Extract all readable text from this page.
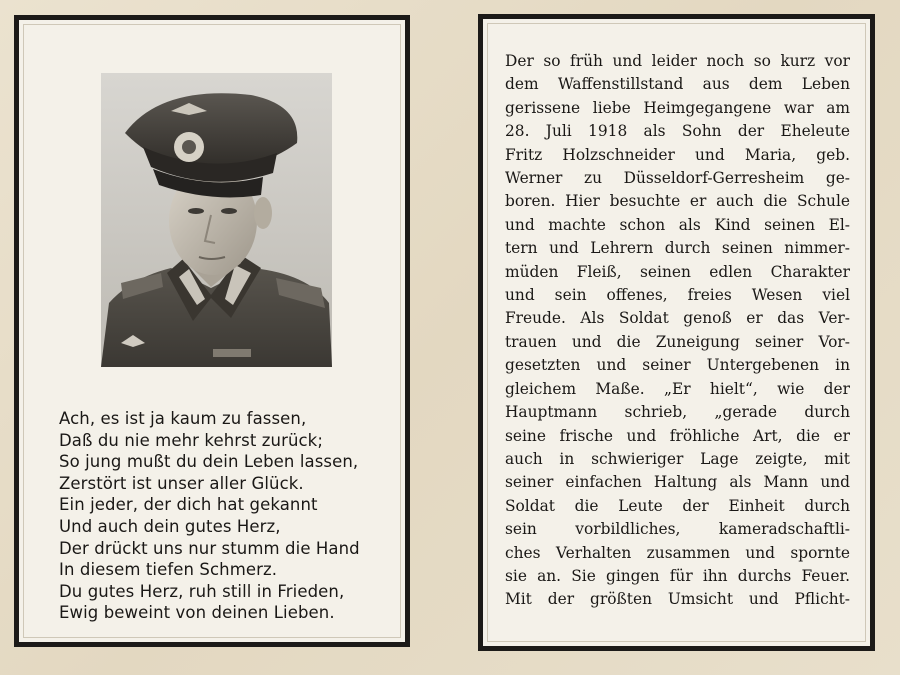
Ach, es ist ja kaum zu fassen,
Daß du nie mehr kehrst zurück;
So jung mußt du dein Leben lassen,
Zerstört ist unser aller Glück.
Ein jeder, der dich hat gekannt
Und auch dein gutes Herz,
Der drückt uns nur stumm die Hand
In diesem tiefen Schmerz.
Du gutes Herz, ruh still in Frieden,
Ewig beweint von deinen Lieben.
Der so früh und leider noch so kurz vor
dem Waffenstillstand aus dem Leben
gerissene liebe Heimgegangene war am
28. Juli 1918 als Sohn der Eheleute
Fritz Holzschneider und Maria, geb.
Werner zu Düsseldorf-Gerresheim ge-
boren. Hier besuchte er auch die Schule
und machte schon als Kind seinen El-
tern und Lehrern durch seinen nimmer-
müden Fleiß, seinen edlen Charakter
und sein offenes, freies Wesen viel
Freude. Als Soldat genoß er das Ver-
trauen und die Zuneigung seiner Vor-
gesetzten und seiner Untergebenen in
gleichem Maße. „Er hielt“, wie der
Hauptmann schrieb, „gerade durch
seine frische und fröhliche Art, die er
auch in schwieriger Lage zeigte, mit
seiner einfachen Haltung als Mann und
Soldat die Leute der Einheit durch
sein vorbildliches, kameradschaftli-
ches Verhalten zusammen und spornte
sie an. Sie gingen für ihn durchs Feuer.
Mit der größten Umsicht und Pflicht-
